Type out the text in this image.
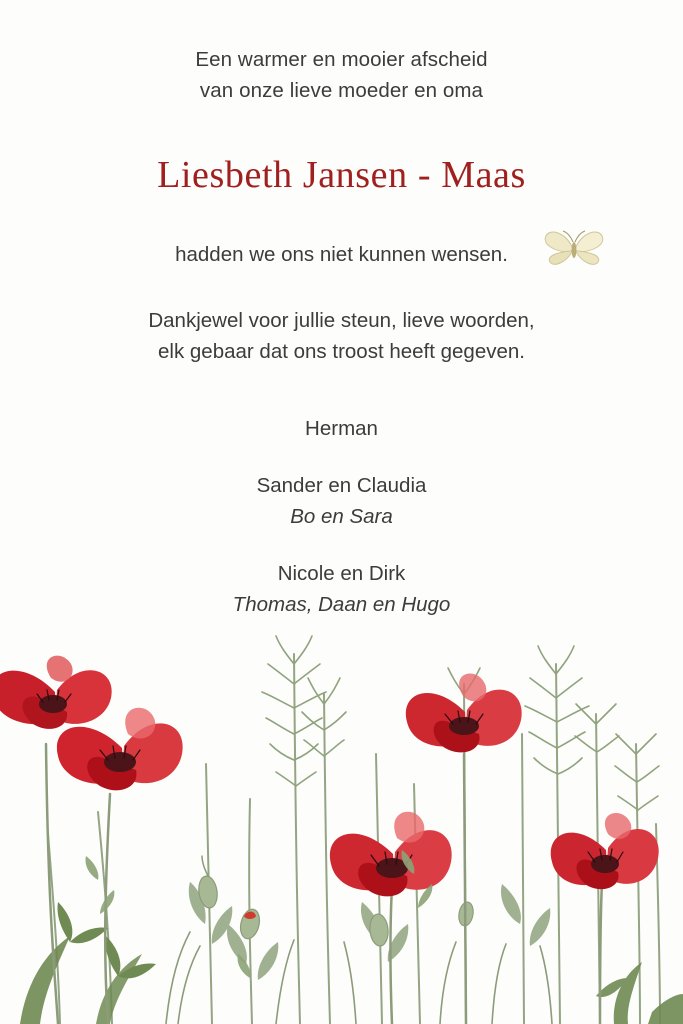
Een warmer en mooier afscheid
van onze lieve moeder en oma
Liesbeth Jansen - Maas
hadden we ons niet kunnen wensen.
Dankjewel voor jullie steun, lieve woorden,
elk gebaar dat ons troost heeft gegeven.
Herman
Sander en Claudia
Bo en Sara
Nicole en Dirk
Thomas, Daan en Hugo
